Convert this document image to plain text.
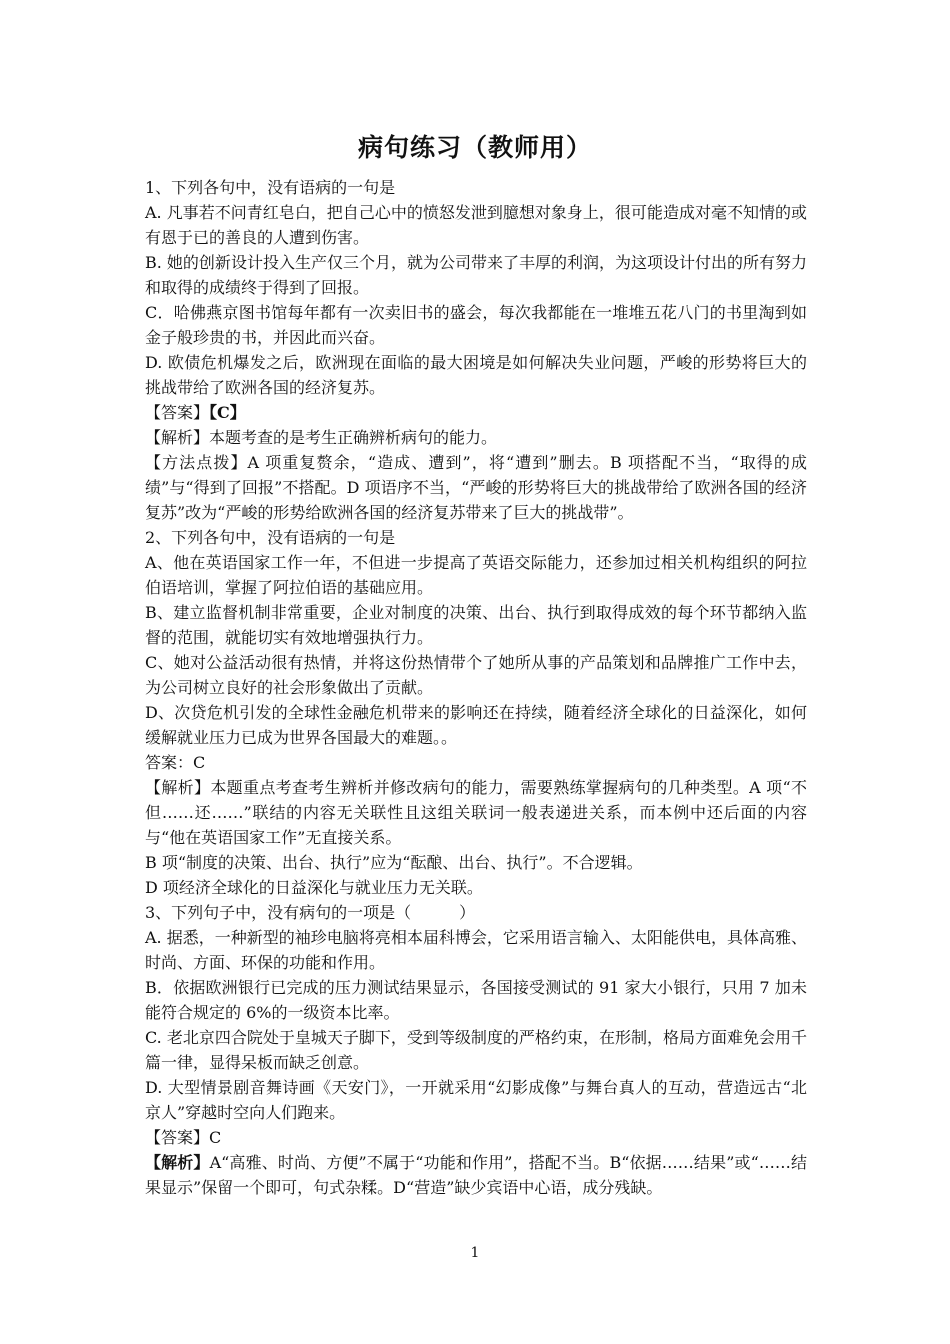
病句练习（教师用）

1、下列各句中，没有语病的一句是

A. 凡事若不问青红皂白，把自己心中的愤怒发泄到臆想对象身上，很可能造成对毫不知情的或有恩于已的善良的人遭到伤害。

B. 她的创新设计投入生产仅三个月，就为公司带来了丰厚的利润，为这项设计付出的所有努力和取得的成绩终于得到了回报。

C．哈佛燕京图书馆每年都有一次卖旧书的盛会，每次我都能在一堆堆五花八门的书里淘到如金子般珍贵的书，并因此而兴奋。

D. 欧债危机爆发之后，欧洲现在面临的最大困境是如何解决失业问题，严峻的形势将巨大的挑战带给了欧洲各国的经济复苏。

【答案】【C】

【解析】本题考查的是考生正确辨析病句的能力。

【方法点拨】A 项重复赘余，“造成、遭到”，将“遭到”删去。B 项搭配不当，“取得的成绩”与“得到了回报”不搭配。D 项语序不当，“严峻的形势将巨大的挑战带给了欧洲各国的经济复苏”改为“严峻的形势给欧洲各国的经济复苏带来了巨大的挑战带”。

2、下列各句中，没有语病的一句是

A、他在英语国家工作一年，不但进一步提高了英语交际能力，还参加过相关机构组织的阿拉伯语培训，掌握了阿拉伯语的基础应用。

B、建立监督机制非常重要，企业对制度的决策、出台、执行到取得成效的每个环节都纳入监督的范围，就能切实有效地增强执行力。

C、她对公益活动很有热情，并将这份热情带个了她所从事的产品策划和品牌推广工作中去，为公司树立良好的社会形象做出了贡献。

D、次贷危机引发的全球性金融危机带来的影响还在持续，随着经济全球化的日益深化，如何缓解就业压力已成为世界各国最大的难题。。

答案：C

【解析】本题重点考查考生辨析并修改病句的能力，需要熟练掌握病句的几种类型。A 项“不但……还……”联结的内容无关联性且这组关联词一般表递进关系，而本例中还后面的内容与“他在英语国家工作”无直接关系。

B 项“制度的决策、出台、执行”应为“酝酿、出台、执行”。不合逻辑。

D 项经济全球化的日益深化与就业压力无关联。

3、下列句子中，没有病句的一项是（　　　）

A. 据悉，一种新型的袖珍电脑将亮相本届科博会，它采用语言输入、太阳能供电，具体高雅、时尚、方面、环保的功能和作用。

B．依据欧洲银行已完成的压力测试结果显示，各国接受测试的 91 家大小银行，只用 7 加未能符合规定的 6%的一级资本比率。

C. 老北京四合院处于皇城天子脚下，受到等级制度的严格约束，在形制，格局方面难免会用千篇一律，显得呆板而缺乏创意。

D. 大型情景剧音舞诗画《天安门》，一开就采用“幻影成像”与舞台真人的互动，营造远古“北京人”穿越时空向人们跑来。

【答案】C

【解析】A“高雅、时尚、方便”不属于“功能和作用”，搭配不当。B“依据……结果”或“……结果显示”保留一个即可，句式杂糅。D“营造”缺少宾语中心语，成分残缺。

1
